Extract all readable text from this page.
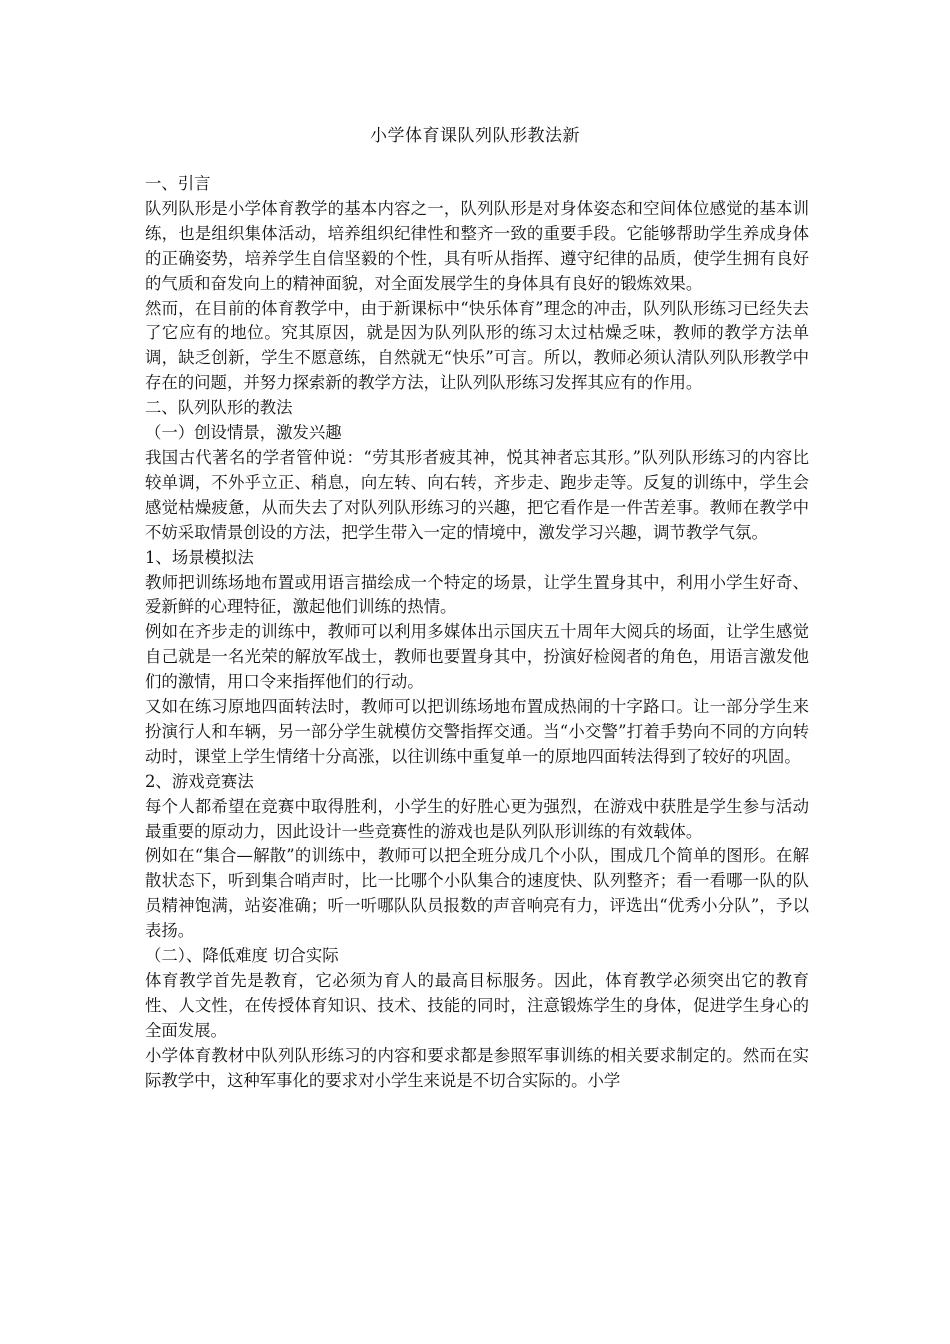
小学体育课队列队形教法新

一、引言

队列队形是小学体育教学的基本内容之一，队列队形是对身体姿态和空间体位感觉的基本训练，也是组织集体活动，培养组织纪律性和整齐一致的重要手段。它能够帮助学生养成身体的正确姿势，培养学生自信坚毅的个性，具有听从指挥、遵守纪律的品质，使学生拥有良好的气质和奋发向上的精神面貌，对全面发展学生的身体具有良好的锻炼效果。

然而，在目前的体育教学中，由于新课标中“快乐体育”理念的冲击，队列队形练习已经失去了它应有的地位。究其原因，就是因为队列队形的练习太过枯燥乏味，教师的教学方法单调，缺乏创新，学生不愿意练，自然就无“快乐”可言。所以，教师必须认清队列队形教学中存在的问题，并努力探索新的教学方法，让队列队形练习发挥其应有的作用。

二、队列队形的教法

（一）创设情景，激发兴趣

我国古代著名的学者管仲说：“劳其形者疲其神，悦其神者忘其形。”队列队形练习的内容比较单调，不外乎立正、稍息，向左转、向右转，齐步走、跑步走等。反复的训练中，学生会感觉枯燥疲惫，从而失去了对队列队形练习的兴趣，把它看作是一件苦差事。教师在教学中不妨采取情景创设的方法，把学生带入一定的情境中，激发学习兴趣，调节教学气氛。

1、场景模拟法

教师把训练场地布置或用语言描绘成一个特定的场景，让学生置身其中，利用小学生好奇、爱新鲜的心理特征，激起他们训练的热情。

例如在齐步走的训练中，教师可以利用多媒体出示国庆五十周年大阅兵的场面，让学生感觉自己就是一名光荣的解放军战士，教师也要置身其中，扮演好检阅者的角色，用语言激发他们的激情，用口令来指挥他们的行动。

又如在练习原地四面转法时，教师可以把训练场地布置成热闹的十字路口。让一部分学生来扮演行人和车辆，另一部分学生就模仿交警指挥交通。当“小交警”打着手势向不同的方向转动时，课堂上学生情绪十分高涨，以往训练中重复单一的原地四面转法得到了较好的巩固。

2、游戏竞赛法

每个人都希望在竞赛中取得胜利，小学生的好胜心更为强烈，在游戏中获胜是学生参与活动最重要的原动力，因此设计一些竞赛性的游戏也是队列队形训练的有效载体。

例如在“集合—解散”的训练中，教师可以把全班分成几个小队，围成几个简单的图形。在解散状态下，听到集合哨声时，比一比哪个小队集合的速度快、队列整齐；看一看哪一队的队员精神饱满，站姿准确；听一听哪队队员报数的声音响亮有力，评选出“优秀小分队”，予以表扬。

（二）、降低难度 切合实际

体育教学首先是教育，它必须为育人的最高目标服务。因此，体育教学必须突出它的教育性、人文性，在传授体育知识、技术、技能的同时，注意锻炼学生的身体，促进学生身心的全面发展。

小学体育教材中队列队形练习的内容和要求都是参照军事训练的相关要求制定的。然而在实际教学中，这种军事化的要求对小学生来说是不切合实际的。小学
